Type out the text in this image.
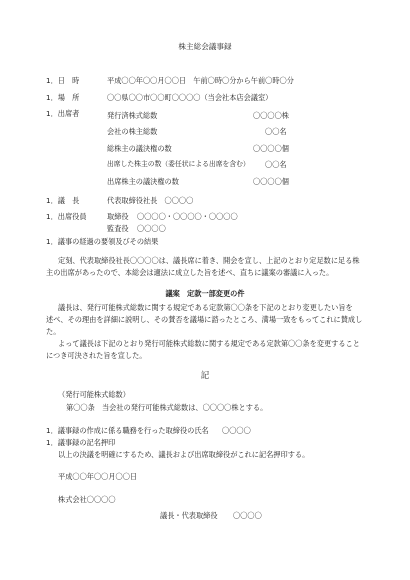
株主総会議事録
1．日　時	平成〇〇年〇〇月〇〇日　午前〇時〇分から午前〇時〇分
1．場　所	〇〇県〇〇市〇〇町〇〇〇〇（当会社本店会議室）
1．出席者	発行済株式総数	〇〇〇〇株
会社の株主総数	〇〇名
総株主の議決権の数	〇〇〇〇個
出席した株主の数（委任状による出席を含む） 〇〇名
出席株主の議決権の数	〇〇〇〇個
1．議　長	代表取締役社長　〇〇〇〇
1．出席役員	取締役 〇〇〇〇・〇〇〇〇・〇〇〇〇
監査役 〇〇〇〇
1．議事の経過の要領及びその結果
定刻、代表取締役社長〇〇〇〇は、議長席に着き、開会を宣し、上記のとおり定足数に足る株
主の出席があったので、本総会は適法に成立した旨を述べ、直ちに議案の審議に入った。
議案　定款一部変更の件
議長は、発行可能株式総数に関する規定である定款第〇〇条を下記のとおり変更したい旨を
述べ、その理由を詳細に説明し、その賛否を議場に諮ったところ、満場一致をもってこれに賛成し
た。
よって議長は下記のとおり発行可能株式総数に関する規定である定款第〇〇条を変更すること
につき可決された旨を宣した。
記
（発行可能株式総数）
第〇〇条　当会社の発行可能株式総数は、〇〇〇〇株とする。
1．議事録の作成に係る職務を行った取締役の氏名 〇〇〇〇
1．議事録の記名押印
以上の決議を明確にするため、議長および出席取締役がこれに記名押印する。
平成〇〇年〇〇月〇〇日
株式会社〇〇〇〇
議長・代表取締役 〇〇〇〇
